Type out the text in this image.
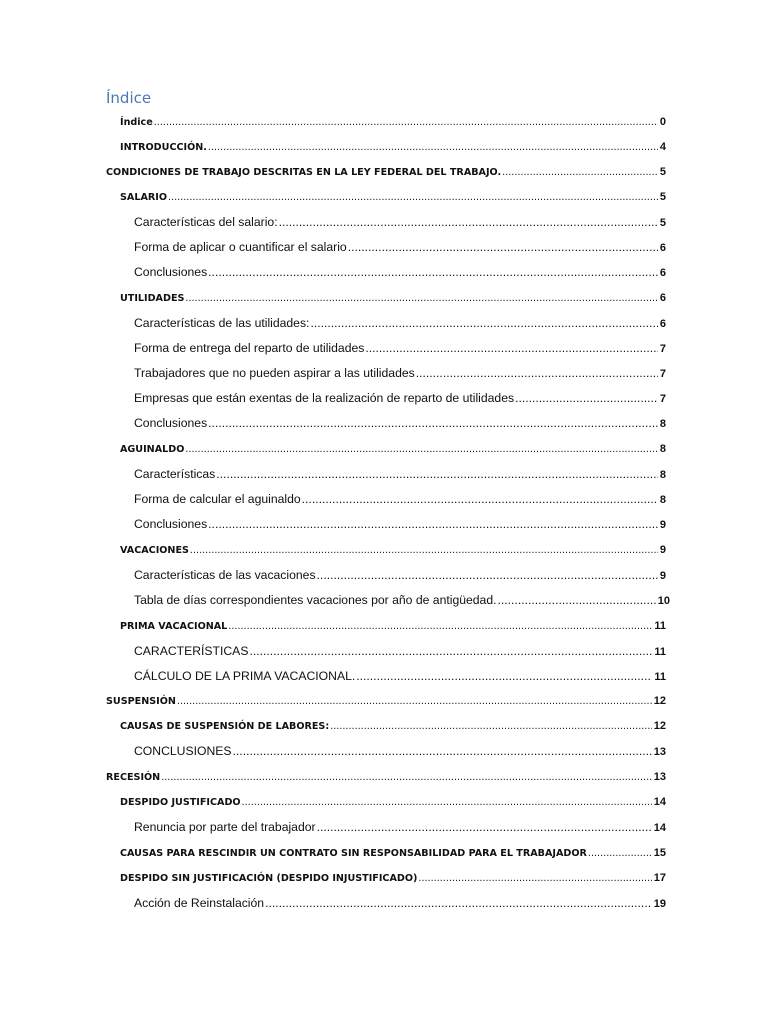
Índice
Índice .....	0
INTRODUCCIÓN. .....	4
CONDICIONES DE TRABAJO DESCRITAS EN LA LEY FEDERAL DEL TRABAJO. .....	5
SALARIO .....	5
Características del salario: .....	5
Forma de aplicar o cuantificar el salario .....	6
Conclusiones .....	6
UTILIDADES .....	6
Características de las utilidades: .....	6
Forma de entrega del reparto de utilidades .....	7
Trabajadores que no pueden aspirar a las utilidades .....	7
Empresas que están exentas de la realización de reparto de utilidades .....	7
Conclusiones .....	8
AGUINALDO .....	8
Características .....	8
Forma de calcular el aguinaldo .....	8
Conclusiones .....	9
VACACIONES .....	9
Características de las vacaciones .....	9
Tabla de días correspondientes vacaciones por año de antigüedad. .....	10
PRIMA VACACIONAL .....	11
CARACTERÍSTICAS .....	11
CÁLCULO DE LA PRIMA VACACIONAL. .....	11
SUSPENSIÓN .....	12
CAUSAS DE SUSPENSIÓN DE LABORES: .....	12
CONCLUSIONES .....	13
RECESIÓN .....	13
DESPIDO JUSTIFICADO .....	14
Renuncia por parte del trabajador .....	14
CAUSAS PARA RESCINDIR UN CONTRATO SIN RESPONSABILIDAD PARA EL TRABAJADOR .....	15
DESPIDO SIN JUSTIFICACIÓN (DESPIDO INJUSTIFICADO) .....	17
Acción de Reinstalación .....	19
